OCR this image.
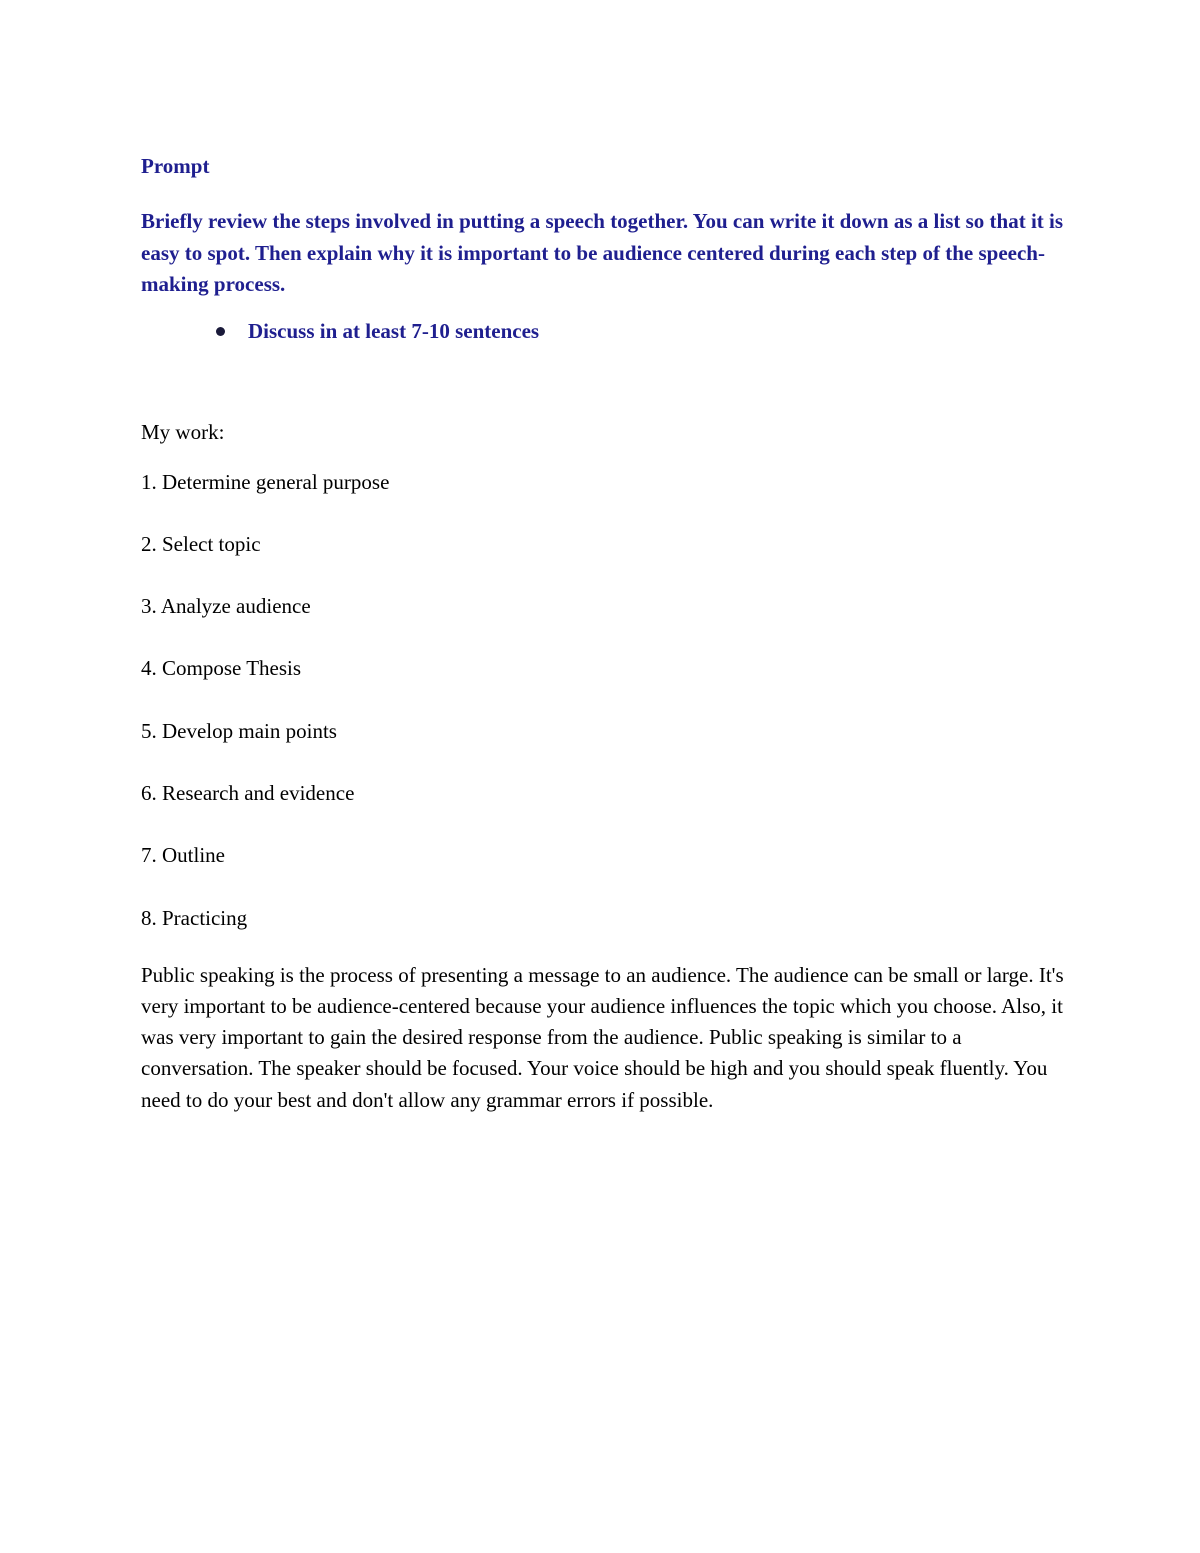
Prompt

Briefly review the steps involved in putting a speech together. You can write it down as a list so that it is easy to spot. Then explain why it is important to be audience centered during each step of the speech-making process.

Discuss in at least 7-10 sentences

My work:

1. Determine general purpose
2. Select topic
3. Analyze audience
4. Compose Thesis
5. Develop main points
6. Research and evidence
7. Outline
8. Practicing

Public speaking is the process of presenting a message to an audience. The audience can be small or large. It's very important to be audience-centered because your audience influences the topic which you choose. Also, it was very important to gain the desired response from the audience. Public speaking is similar to a conversation. The speaker should be focused. Your voice should be high and you should speak fluently. You need to do your best and don't allow any grammar errors if possible.
